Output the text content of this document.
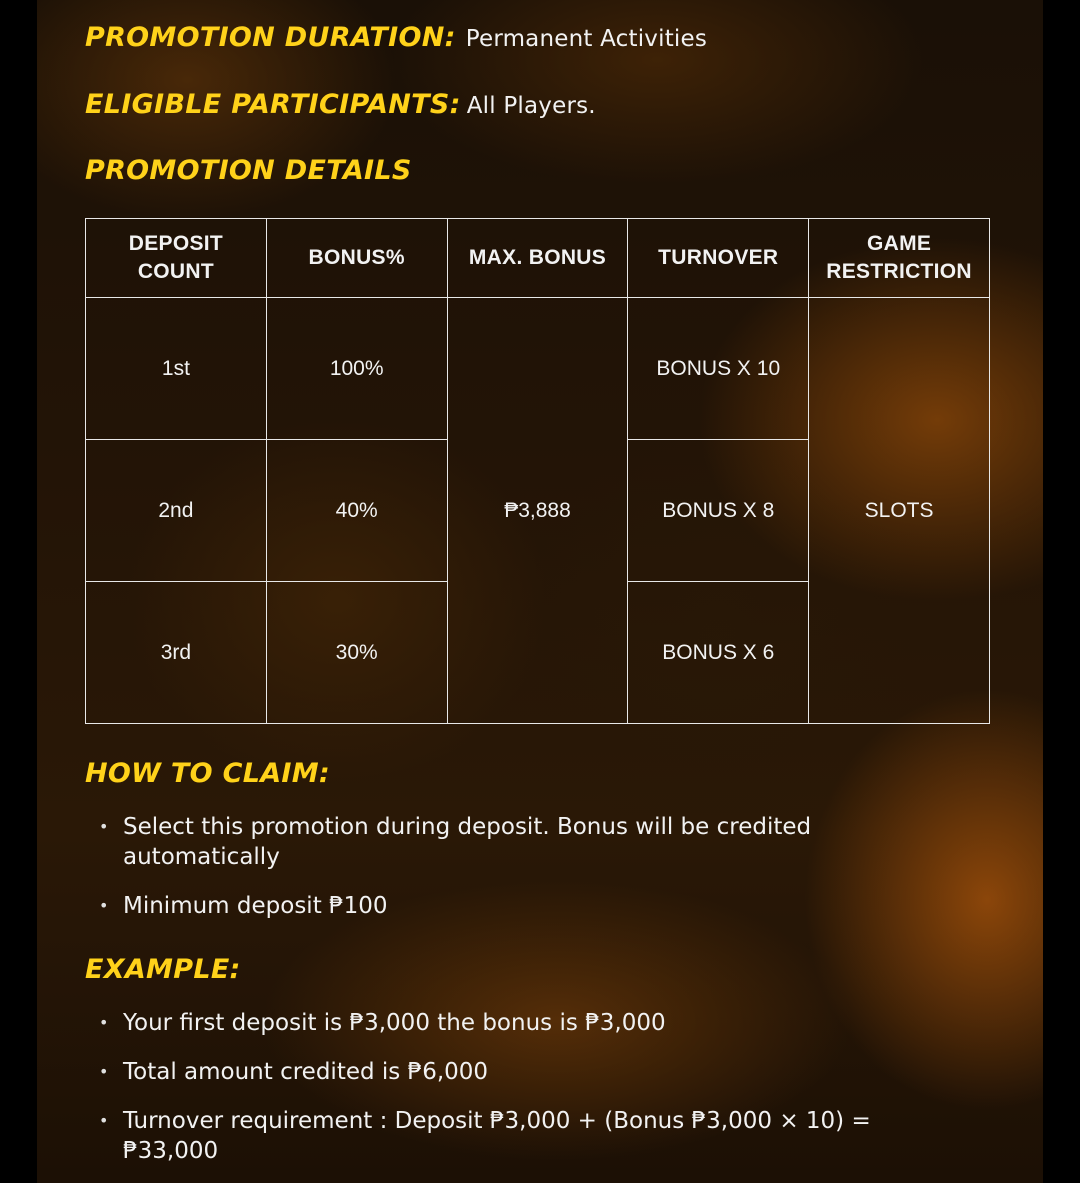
PROMOTION DURATION: Permanent Activities
ELIGIBLE PARTICIPANTS: All Players.
PROMOTION DETAILS
DEPOSIT COUNT	BONUS%	MAX. BONUS	TURNOVER	GAME RESTRICTION
1st	100%	₱3,888	BONUS X 10	SLOTS
2nd	40%		BONUS X 8	
3rd	30%		BONUS X 6	
HOW TO CLAIM:
• Select this promotion during deposit. Bonus will be credited automatically
• Minimum deposit ₱100
EXAMPLE:
• Your first deposit is ₱3,000 the bonus is ₱3,000
• Total amount credited is ₱6,000
• Turnover requirement : Deposit ₱3,000 + (Bonus ₱3,000 × 10) = ₱33,000
